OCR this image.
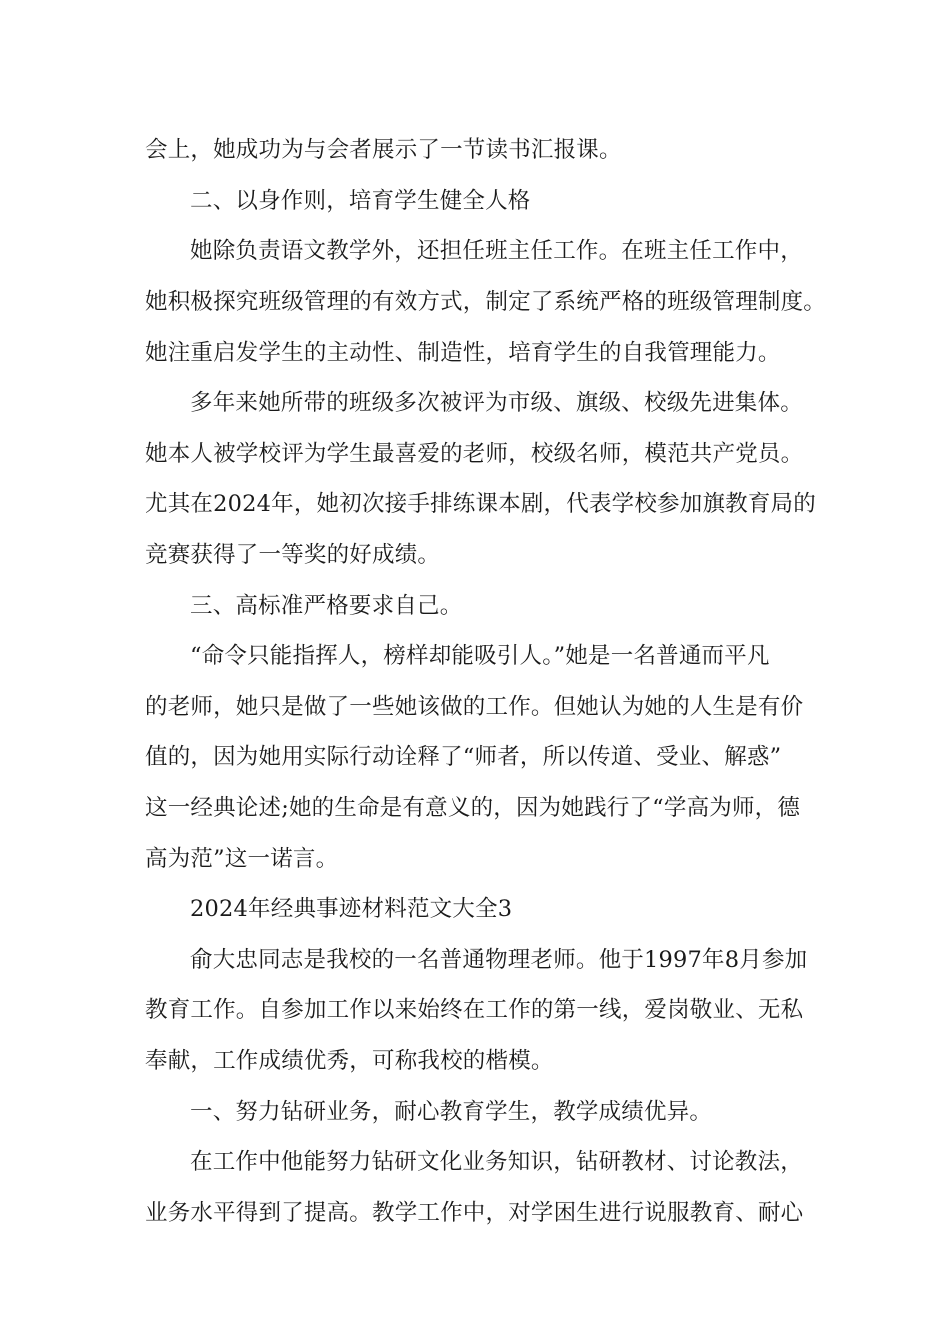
会上，她成功为与会者展示了一节读书汇报课。
二、以身作则，培育学生健全人格
她除负责语文教学外，还担任班主任工作。在班主任工作中，
她积极探究班级管理的有效方式，制定了系统严格的班级管理制度。
她注重启发学生的主动性、制造性，培育学生的自我管理能力。
多年来她所带的班级多次被评为市级、旗级、校级先进集体。
她本人被学校评为学生最喜爱的老师，校级名师，模范共产党员。
尤其在2024年，她初次接手排练课本剧，代表学校参加旗教育局的
竞赛获得了一等奖的好成绩。
三、高标准严格要求自己。
“命令只能指挥人，榜样却能吸引人。”她是一名普通而平凡
的老师，她只是做了一些她该做的工作。但她认为她的人生是有价
值的，因为她用实际行动诠释了“师者，所以传道、受业、解惑”
这一经典论述;她的生命是有意义的，因为她践行了“学高为师，德
高为范”这一诺言。
2024年经典事迹材料范文大全3
俞大忠同志是我校的一名普通物理老师。他于1997年8月参加
教育工作。自参加工作以来始终在工作的第一线，爱岗敬业、无私
奉献，工作成绩优秀，可称我校的楷模。
一、努力钻研业务，耐心教育学生，教学成绩优异。
在工作中他能努力钻研文化业务知识，钻研教材、讨论教法，
业务水平得到了提高。教学工作中，对学困生进行说服教育、耐心
